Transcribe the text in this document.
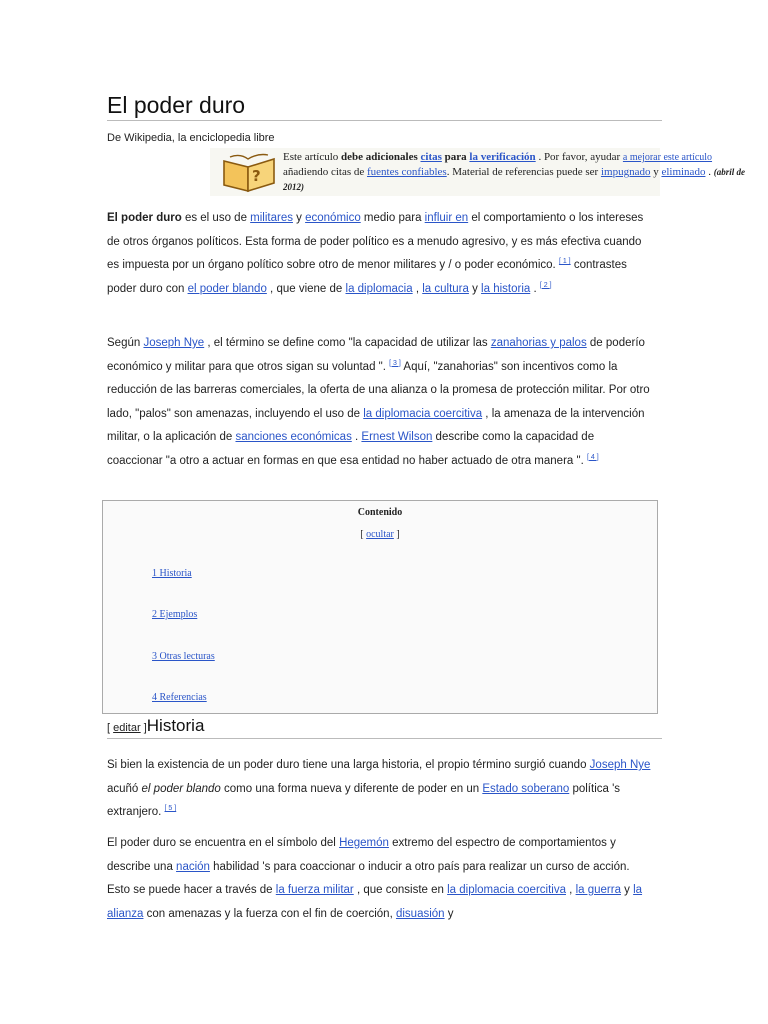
El poder duro
De Wikipedia, la enciclopedia libre
?
Este artículo debe adicionales citas para la verificación . Por favor, ayudar a mejorar este artículo añadiendo citas de fuentes confiables. Material de referencias puede ser impugnado y eliminado . (abril de 2012)
El poder duro es el uso de militares y económico medio para influir en el comportamiento o los intereses de otros órganos políticos. Esta forma de poder político es a menudo agresivo, y es más efectiva cuando es impuesta por un órgano político sobre otro de menor militares y / o poder económico. [ 1 ] contrastes poder duro con el poder blando , que viene de la diplomacia , la cultura y la historia . [ 2 ]
Según Joseph Nye , el término se define como "la capacidad de utilizar las zanahorias y palos de poderío económico y militar para que otros sigan su voluntad ". [ 3 ] Aquí, "zanahorias" son incentivos como la reducción de las barreras comerciales, la oferta de una alianza o la promesa de protección militar. Por otro lado, "palos" son amenazas, incluyendo el uso de la diplomacia coercitiva , la amenaza de la intervención militar, o la aplicación de sanciones económicas . Ernest Wilson describe como la capacidad de coaccionar "a otro a actuar en formas en que esa entidad no haber actuado de otra manera ". [ 4 ]
Contenido
[ ocultar ]
1 Historia
2 Ejemplos
3 Otras lecturas
4 Referencias
[ editar ]Historia
Si bien la existencia de un poder duro tiene una larga historia, el propio término surgió cuando Joseph Nye acuñó el poder blando como una forma nueva y diferente de poder en un Estado soberano política 's extranjero. [ 5 ]
El poder duro se encuentra en el símbolo del Hegemón extremo del espectro de comportamientos y describe una nación habilidad 's para coaccionar o inducir a otro país para realizar un curso de acción. Esto se puede hacer a través de la fuerza militar , que consiste en la diplomacia coercitiva , la guerra y la alianza con amenazas y la fuerza con el fin de coerción, disuasión y
